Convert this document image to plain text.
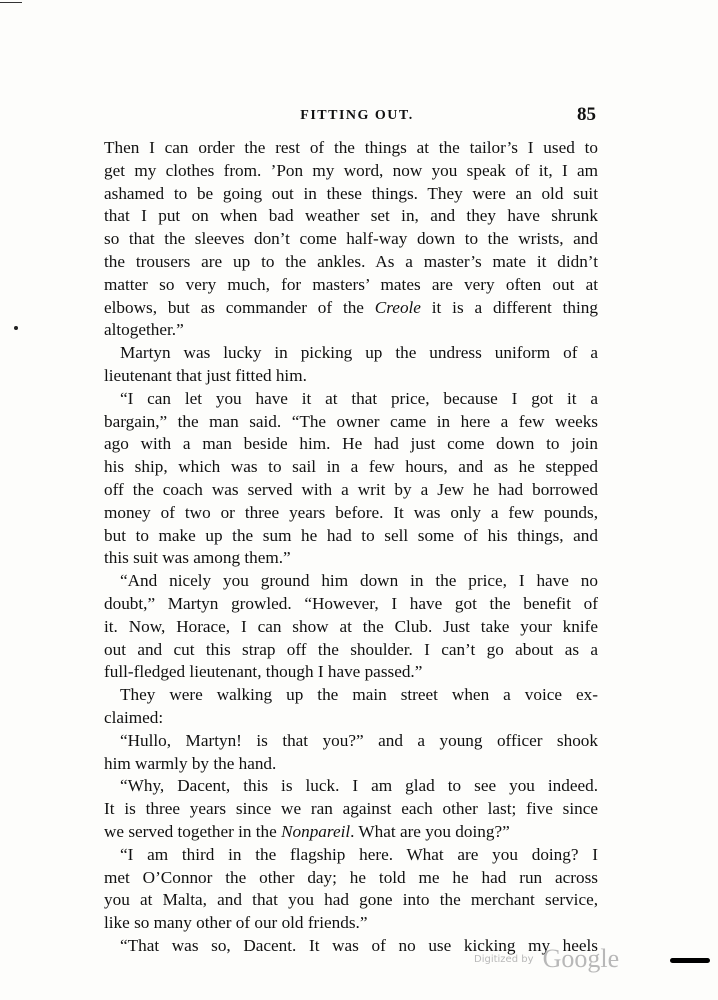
FITTING OUT.	85
Then I can order the rest of the things at the tailor’s I used to
get my clothes from. ’Pon my word, now you speak of it, I am
ashamed to be going out in these things. They were an old suit
that I put on when bad weather set in, and they have shrunk
so that the sleeves don’t come half-way down to the wrists, and
the trousers are up to the ankles. As a master’s mate it didn’t
matter so very much, for masters’ mates are very often out at
elbows, but as commander of the Creole it is a different thing
altogether.”
Martyn was lucky in picking up the undress uniform of a
lieutenant that just fitted him.
“I can let you have it at that price, because I got it a
bargain,” the man said. “The owner came in here a few weeks
ago with a man beside him. He had just come down to join
his ship, which was to sail in a few hours, and as he stepped
off the coach was served with a writ by a Jew he had borrowed
money of two or three years before. It was only a few pounds,
but to make up the sum he had to sell some of his things, and
this suit was among them.”
“And nicely you ground him down in the price, I have no
doubt,” Martyn growled. “However, I have got the benefit of
it. Now, Horace, I can show at the Club. Just take your knife
out and cut this strap off the shoulder. I can’t go about as a
full-fledged lieutenant, though I have passed.”
They were walking up the main street when a voice ex-
claimed:
“Hullo, Martyn! is that you?” and a young officer shook
him warmly by the hand.
“Why, Dacent, this is luck. I am glad to see you indeed.
It is three years since we ran against each other last; five since
we served together in the Nonpareil. What are you doing?”
“I am third in the flagship here. What are you doing? I
met O’Connor the other day; he told me he had run across
you at Malta, and that you had gone into the merchant service,
like so many other of our old friends.”
“That was so, Dacent. It was of no use kicking my heels
Digitized by Google
